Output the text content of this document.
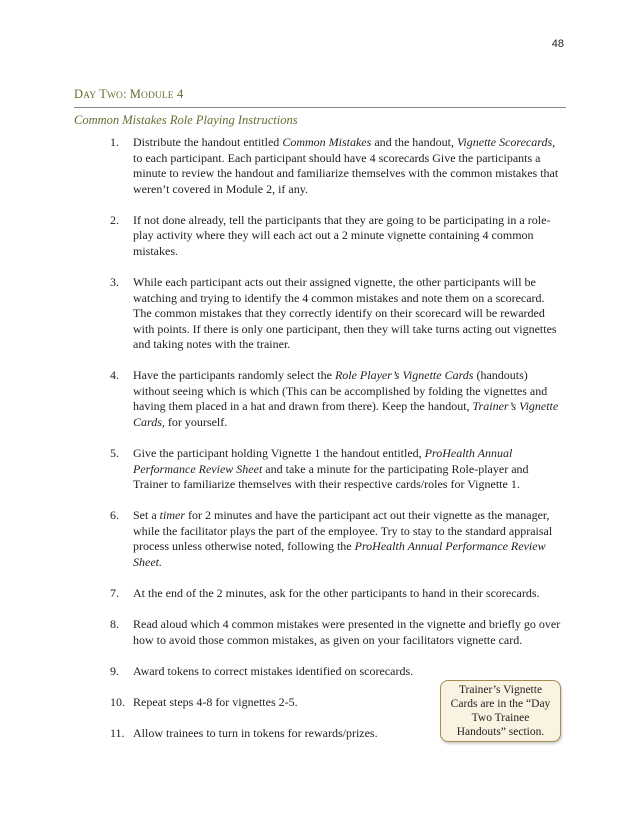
48
DAY TWO: MODULE 4
Common Mistakes Role Playing Instructions
1. Distribute the handout entitled Common Mistakes and the handout, Vignette Scorecards, to each participant. Each participant should have 4 scorecards Give the participants a minute to review the handout and familiarize themselves with the common mistakes that weren’t covered in Module 2, if any.
2. If not done already, tell the participants that they are going to be participating in a role-play activity where they will each act out a 2 minute vignette containing 4 common mistakes.
3. While each participant acts out their assigned vignette, the other participants will be watching and trying to identify the 4 common mistakes and note them on a scorecard. The common mistakes that they correctly identify on their scorecard will be rewarded with points. If there is only one participant, then they will take turns acting out vignettes and taking notes with the trainer.
4. Have the participants randomly select the Role Player’s Vignette Cards (handouts) without seeing which is which (This can be accomplished by folding the vignettes and having them placed in a hat and drawn from there). Keep the handout, Trainer’s Vignette Cards, for yourself.
5. Give the participant holding Vignette 1 the handout entitled, ProHealth Annual Performance Review Sheet and take a minute for the participating Role-player and Trainer to familiarize themselves with their respective cards/roles for Vignette 1.
6. Set a timer for 2 minutes and have the participant act out their vignette as the manager, while the facilitator plays the part of the employee. Try to stay to the standard appraisal process unless otherwise noted, following the ProHealth Annual Performance Review Sheet.
7. At the end of the 2 minutes, ask for the other participants to hand in their scorecards.
8. Read aloud which 4 common mistakes were presented in the vignette and briefly go over how to avoid those common mistakes, as given on your facilitators vignette card.
9. Award tokens to correct mistakes identified on scorecards.
10. Repeat steps 4-8 for vignettes 2-5.
11. Allow trainees to turn in tokens for rewards/prizes.
Trainer’s Vignette Cards are in the “Day Two Trainee Handouts” section.
